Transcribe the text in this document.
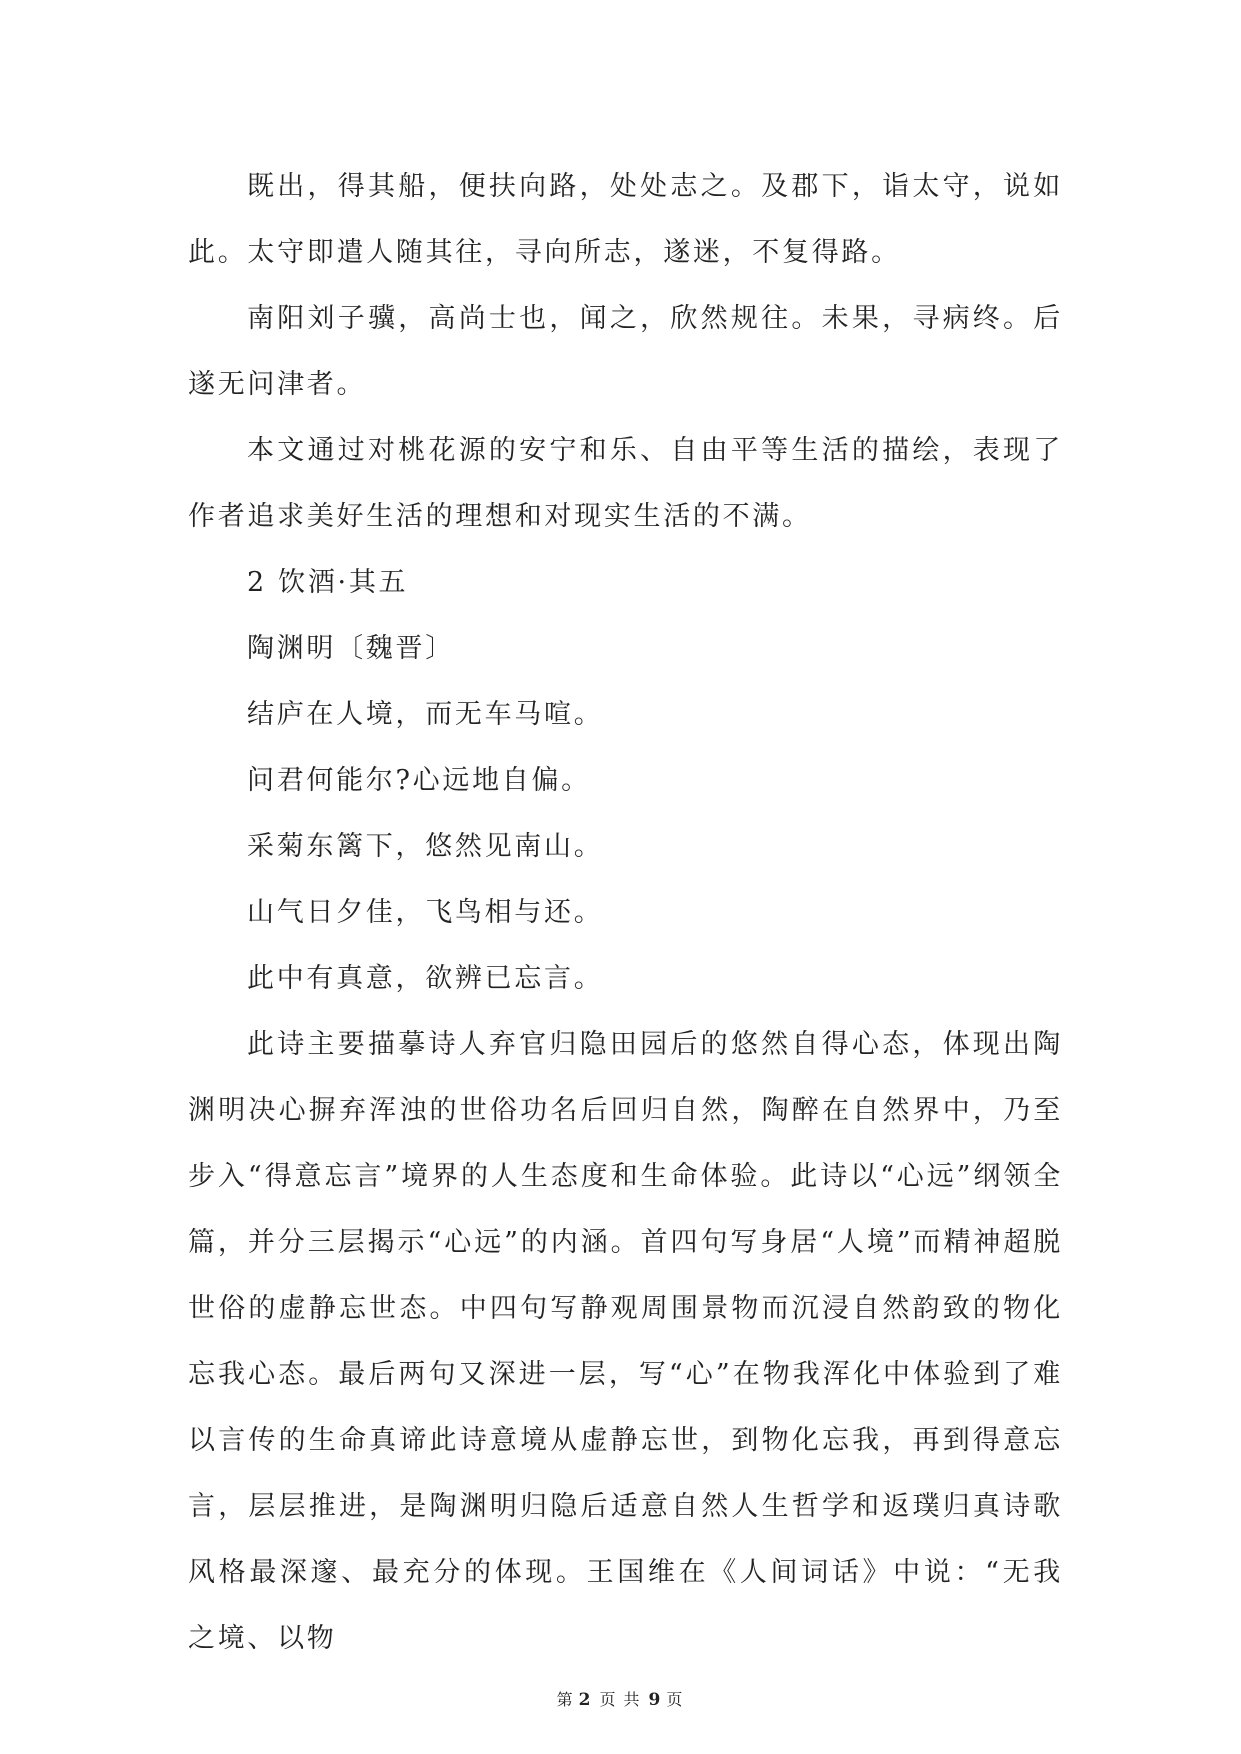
既出，得其船，便扶向路，处处志之。及郡下，诣太守，说如此。太守即遣人随其往，寻向所志，遂迷，不复得路。

南阳刘子骥，高尚士也，闻之，欣然规往。未果，寻病终。后遂无问津者。

本文通过对桃花源的安宁和乐、自由平等生活的描绘，表现了作者追求美好生活的理想和对现实生活的不满。

2 饮酒·其五

陶渊明〔魏晋〕

结庐在人境，而无车马喧。

问君何能尔?心远地自偏。

采菊东篱下，悠然见南山。

山气日夕佳，飞鸟相与还。

此中有真意，欲辨已忘言。

此诗主要描摹诗人弃官归隐田园后的悠然自得心态，体现出陶渊明决心摒弃浑浊的世俗功名后回归自然，陶醉在自然界中，乃至步入“得意忘言”境界的人生态度和生命体验。此诗以“心远”纲领全篇，并分三层揭示“心远”的内涵。首四句写身居“人境”而精神超脱世俗的虚静忘世态。中四句写静观周围景物而沉浸自然韵致的物化忘我心态。最后两句又深进一层，写“心”在物我浑化中体验到了难以言传的生命真谛此诗意境从虚静忘世，到物化忘我，再到得意忘言，层层推进，是陶渊明归隐后适意自然人生哲学和返璞归真诗歌风格最深邃、最充分的体现。王国维在《人间词话》中说：“无我之境、以物

第 2 页 共 9 页
